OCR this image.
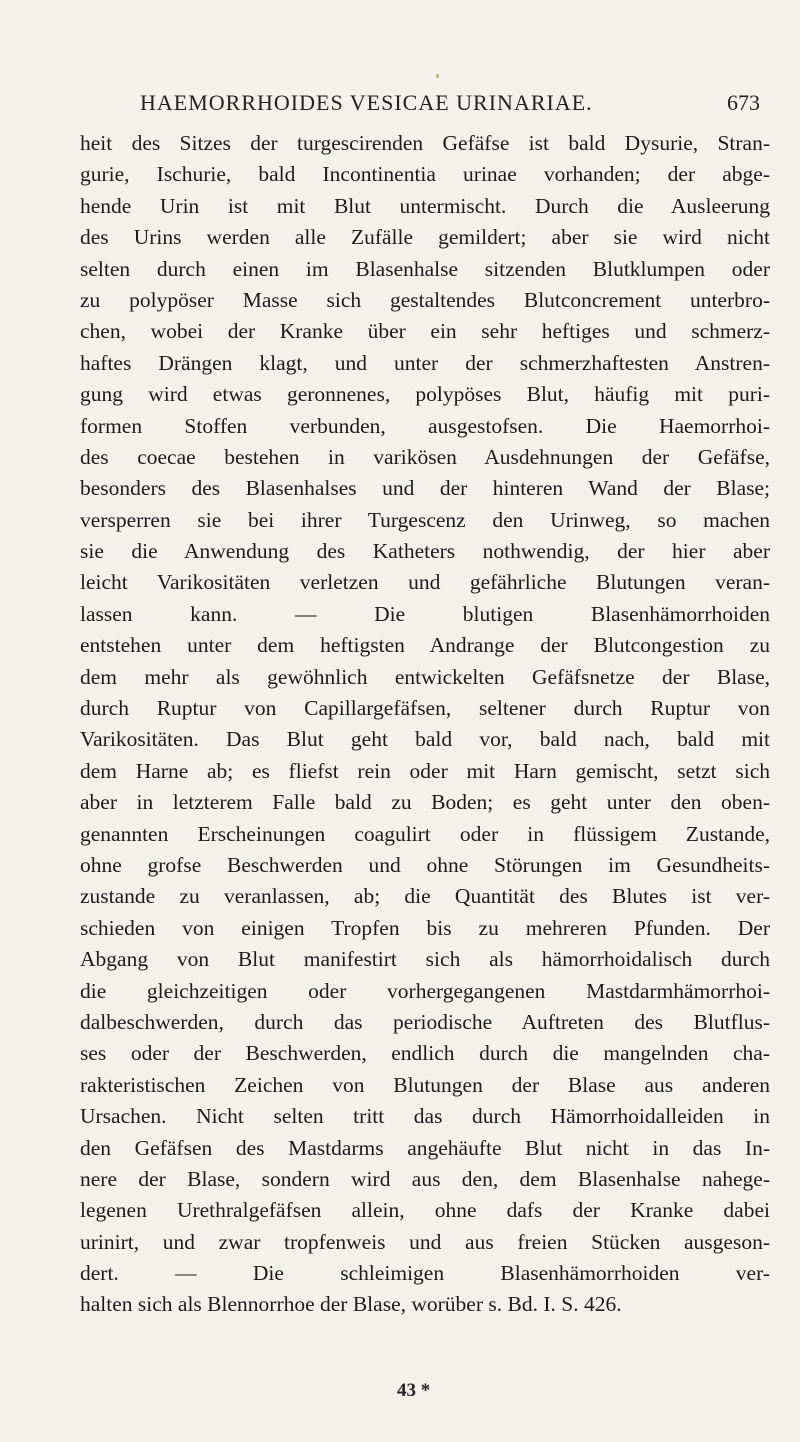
HAEMORRHOIDES VESICAE URINARIAE.	673
heit des Sitzes der turgescirenden Gefäfse ist bald Dysurie, Stran-
gurie, Ischurie, bald Incontinentia urinae vorhanden; der abge-
hende Urin ist mit Blut untermischt. Durch die Ausleerung
des Urins werden alle Zufälle gemildert; aber sie wird nicht
selten durch einen im Blasenhalse sitzenden Blutklumpen oder
zu polypöser Masse sich gestaltendes Blutconcrement unterbro-
chen, wobei der Kranke über ein sehr heftiges und schmerz-
haftes Drängen klagt, und unter der schmerzhaftesten Anstren-
gung wird etwas geronnenes, polypöses Blut, häufig mit puri-
formen Stoffen verbunden, ausgestofsen. Die Haemorrhoi-
des coecae bestehen in varikösen Ausdehnungen der Gefäfse,
besonders des Blasenhalses und der hinteren Wand der Blase;
versperren sie bei ihrer Turgescenz den Urinweg, so machen
sie die Anwendung des Katheters nothwendig, der hier aber
leicht Varikositäten verletzen und gefährliche Blutungen veran-
lassen kann. — Die blutigen Blasenhämorrhoiden
entstehen unter dem heftigsten Andrange der Blutcongestion zu
dem mehr als gewöhnlich entwickelten Gefäfsnetze der Blase,
durch Ruptur von Capillargefäfsen, seltener durch Ruptur von
Varikositäten. Das Blut geht bald vor, bald nach, bald mit
dem Harne ab; es fliefst rein oder mit Harn gemischt, setzt sich
aber in letzterem Falle bald zu Boden; es geht unter den oben-
genannten Erscheinungen coagulirt oder in flüssigem Zustande,
ohne grofse Beschwerden und ohne Störungen im Gesundheits-
zustande zu veranlassen, ab; die Quantität des Blutes ist ver-
schieden von einigen Tropfen bis zu mehreren Pfunden. Der
Abgang von Blut manifestirt sich als hämorrhoidalisch durch
die gleichzeitigen oder vorhergegangenen Mastdarmhämorrhoi-
dalbeschwerden, durch das periodische Auftreten des Blutflus-
ses oder der Beschwerden, endlich durch die mangelnden cha-
rakteristischen Zeichen von Blutungen der Blase aus anderen
Ursachen. Nicht selten tritt das durch Hämorrhoidalleiden in
den Gefäfsen des Mastdarms angehäufte Blut nicht in das In-
nere der Blase, sondern wird aus den, dem Blasenhalse nahege-
legenen Urethralgefäfsen allein, ohne dafs der Kranke dabei
urinirt, und zwar tropfenweis und aus freien Stücken ausgeson-
dert. — Die schleimigen Blasenhämorrhoiden ver-
halten sich als Blennorrhoe der Blase, worüber s. Bd. I. S. 426.
43 *
